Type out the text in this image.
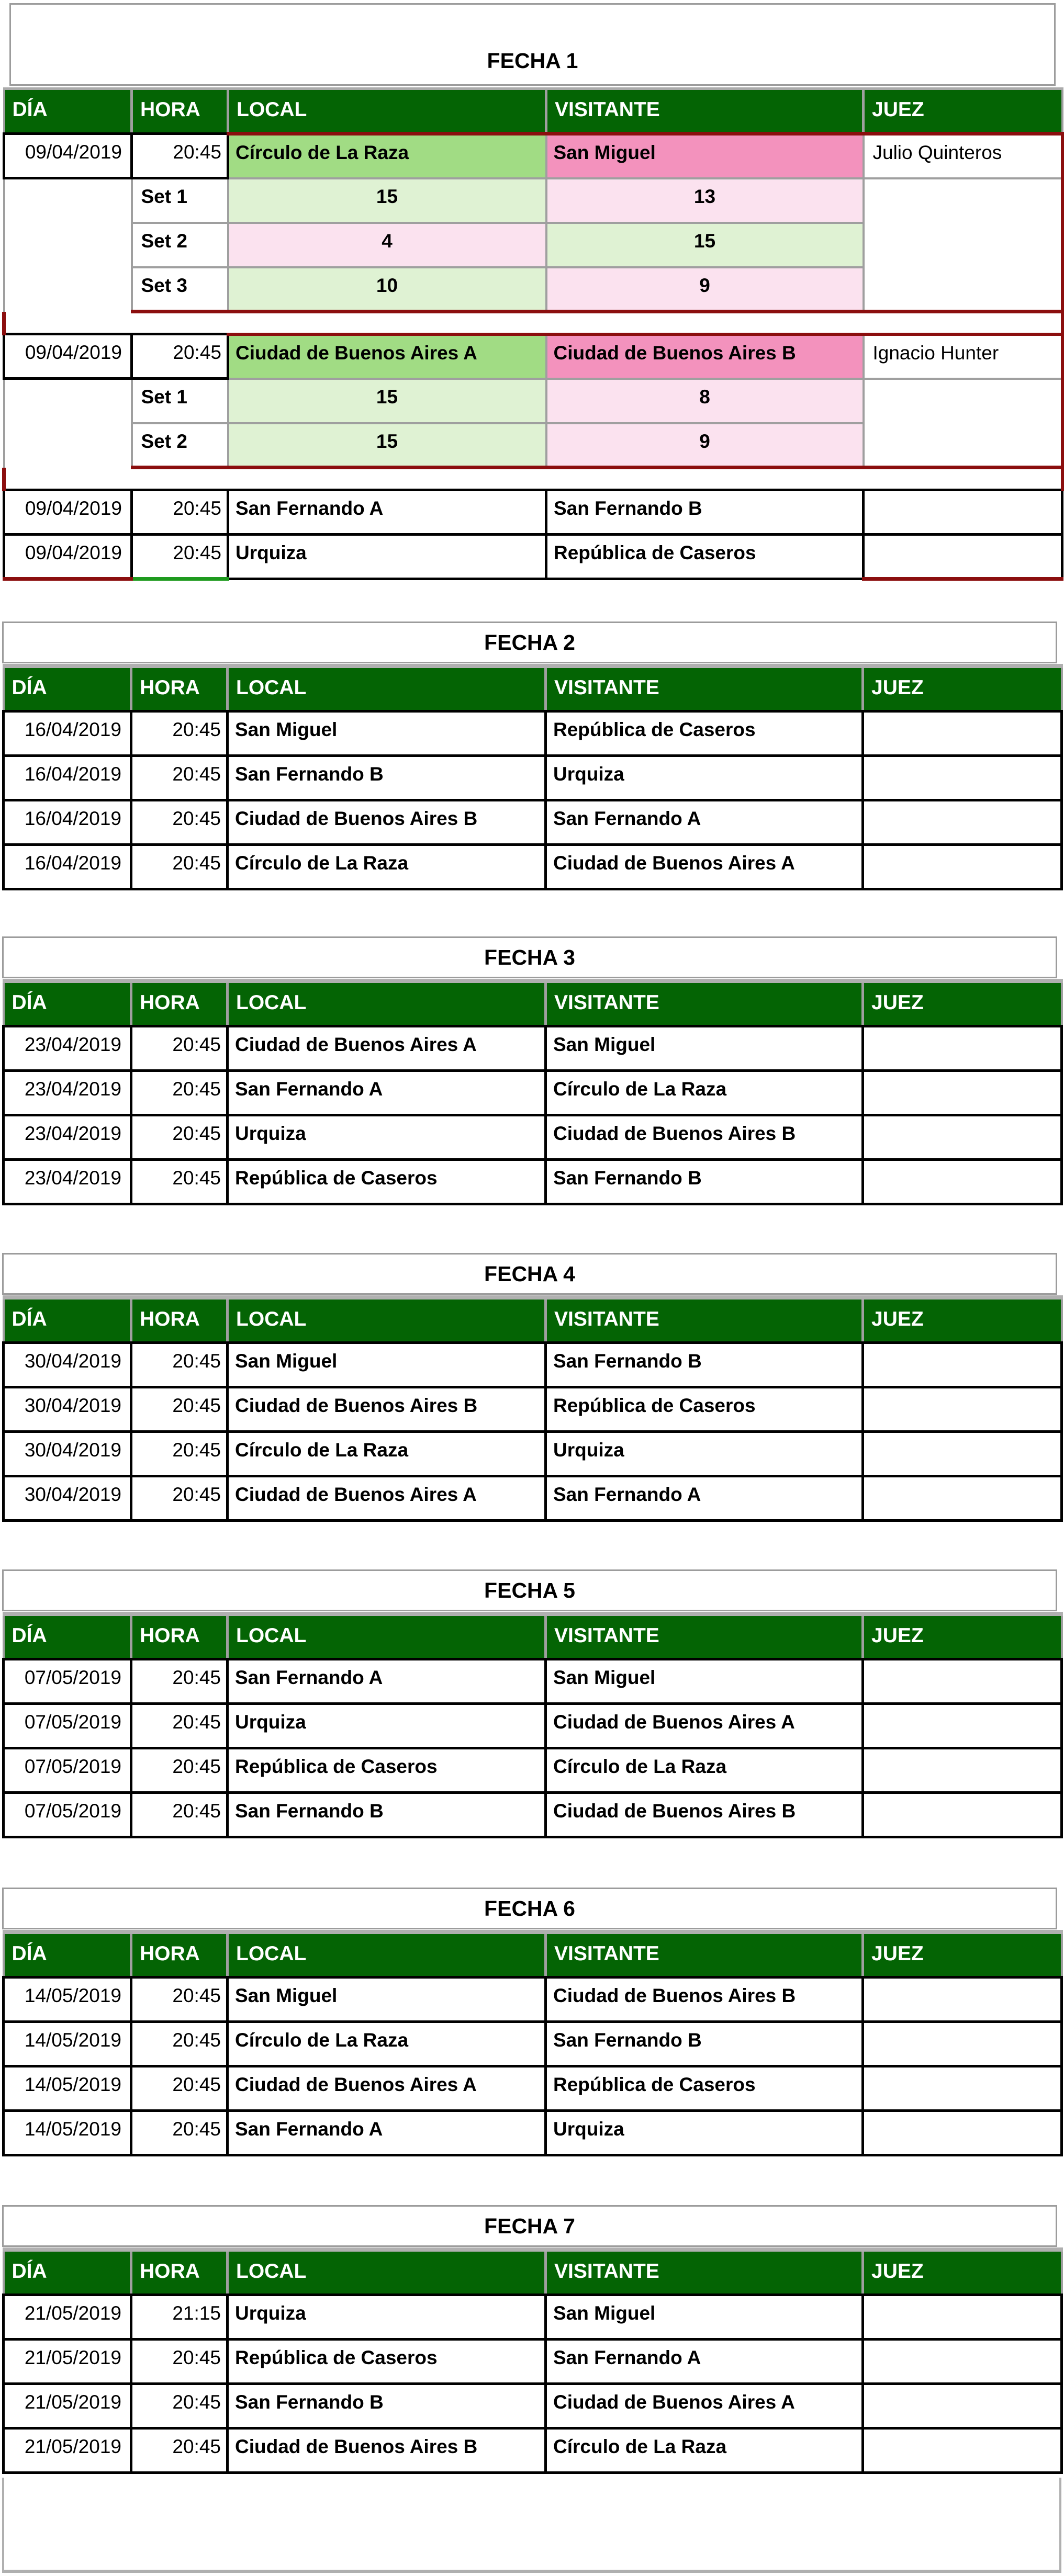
FECHA 1
DÍA	HORA	LOCAL	VISITANTE	JUEZ
09/04/2019	20:45	Círculo de La Raza	San Miguel	Julio Quinteros
	Set 1	15	13	
	Set 2	4	15	
	Set 3	10	9	

09/04/2019	20:45	Ciudad de Buenos Aires A	Ciudad de Buenos Aires B	Ignacio Hunter
	Set 1	15	8	
	Set 2	15	9	

09/04/2019	20:45	San Fernando A	San Fernando B	
09/04/2019	20:45	Urquiza	República de Caseros	
FECHA 2
DÍA	HORA	LOCAL	VISITANTE	JUEZ
16/04/2019	20:45	San Miguel	República de Caseros	
16/04/2019	20:45	San Fernando B	Urquiza	
16/04/2019	20:45	Ciudad de Buenos Aires B	San Fernando A	
16/04/2019	20:45	Círculo de La Raza	Ciudad de Buenos Aires A	
FECHA 3
DÍA	HORA	LOCAL	VISITANTE	JUEZ
23/04/2019	20:45	Ciudad de Buenos Aires A	San Miguel	
23/04/2019	20:45	San Fernando A	Círculo de La Raza	
23/04/2019	20:45	Urquiza	Ciudad de Buenos Aires B	
23/04/2019	20:45	República de Caseros	San Fernando B	
FECHA 4
DÍA	HORA	LOCAL	VISITANTE	JUEZ
30/04/2019	20:45	San Miguel	San Fernando B	
30/04/2019	20:45	Ciudad de Buenos Aires B	República de Caseros	
30/04/2019	20:45	Círculo de La Raza	Urquiza	
30/04/2019	20:45	Ciudad de Buenos Aires A	San Fernando A	
FECHA 5
DÍA	HORA	LOCAL	VISITANTE	JUEZ
07/05/2019	20:45	San Fernando A	San Miguel	
07/05/2019	20:45	Urquiza	Ciudad de Buenos Aires A	
07/05/2019	20:45	República de Caseros	Círculo de La Raza	
07/05/2019	20:45	San Fernando B	Ciudad de Buenos Aires B	
FECHA 6
DÍA	HORA	LOCAL	VISITANTE	JUEZ
14/05/2019	20:45	San Miguel	Ciudad de Buenos Aires B	
14/05/2019	20:45	Círculo de La Raza	San Fernando B	
14/05/2019	20:45	Ciudad de Buenos Aires A	República de Caseros	
14/05/2019	20:45	San Fernando A	Urquiza	
FECHA 7
DÍA	HORA	LOCAL	VISITANTE	JUEZ
21/05/2019	21:15	Urquiza	San Miguel	
21/05/2019	20:45	República de Caseros	San Fernando A	
21/05/2019	20:45	San Fernando B	Ciudad de Buenos Aires A	
21/05/2019	20:45	Ciudad de Buenos Aires B	Círculo de La Raza	
